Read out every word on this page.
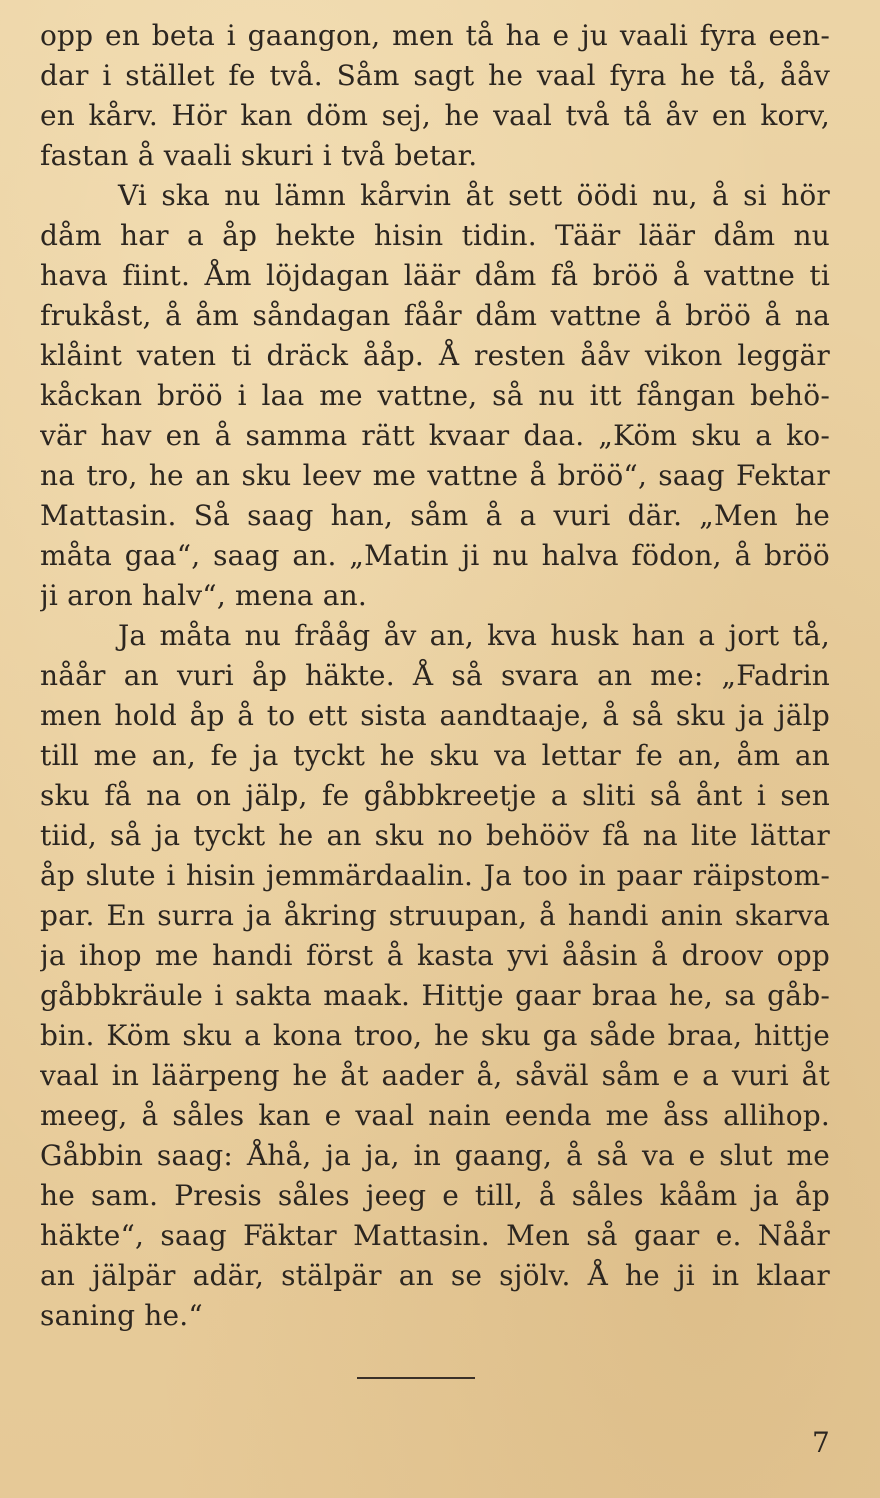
opp en beta i gaangon, men tå ha e ju vaali fyra een-
dar i stället fe två. Såm sagt he vaal fyra he tå, ååv
en kårv. Hör kan döm sej, he vaal två tå åv en korv,
fastan å vaali skuri i två betar.
Vi ska nu lämn kårvin åt sett öödi nu, å si hör
dåm har a åp hekte hisin tidin. Täär läär dåm nu
hava fiint. Åm löjdagan läär dåm få bröö å vattne ti
frukåst, å åm såndagan fåår dåm vattne å bröö å na
klåint vaten ti dräck ååp. Å resten ååv vikon leggär
kåckan bröö i laa me vattne, så nu itt fångan behö-
vär hav en å samma rätt kvaar daa. „Köm sku a ko-
na tro, he an sku leev me vattne å bröö“, saag Fektar
Mattasin. Så saag han, såm å a vuri där. „Men he
måta gaa“, saag an. „Matin ji nu halva födon, å bröö
ji aron halv“, mena an.
Ja måta nu frååg åv an, kva husk han a jort tå,
nåår an vuri åp häkte. Å så svara an me: „Fadrin
men hold åp å to ett sista aandtaaje, å så sku ja jälp
till me an, fe ja tyckt he sku va lettar fe an, åm an
sku få na on jälp, fe gåbbkreetje a sliti så ånt i sen
tiid, så ja tyckt he an sku no behööv få na lite lättar
åp slute i hisin jemmärdaalin. Ja too in paar räipstom-
par. En surra ja åkring struupan, å handi anin skarva
ja ihop me handi först å kasta yvi ååsin å droov opp
gåbbkräule i sakta maak. Hittje gaar braa he, sa gåb-
bin. Köm sku a kona troo, he sku ga sådе braa, hittje
vaal in läärpeng he åt aader å, såväl såm e a vuri åt
meeg, å såles kan e vaal nain eenda me åss allihop.
Gåbbin saag: Åhå, ja ja, in gaang, å så va e slut me
he sam. Presis såles jeeg e till, å såles kååm ja åp
häkte“, saag Fäktar Mattasin. Men så gaar e. Nåår
an jälpär adär, stälpär an se sjölv. Å he ji in klaar
saning he.“
7
